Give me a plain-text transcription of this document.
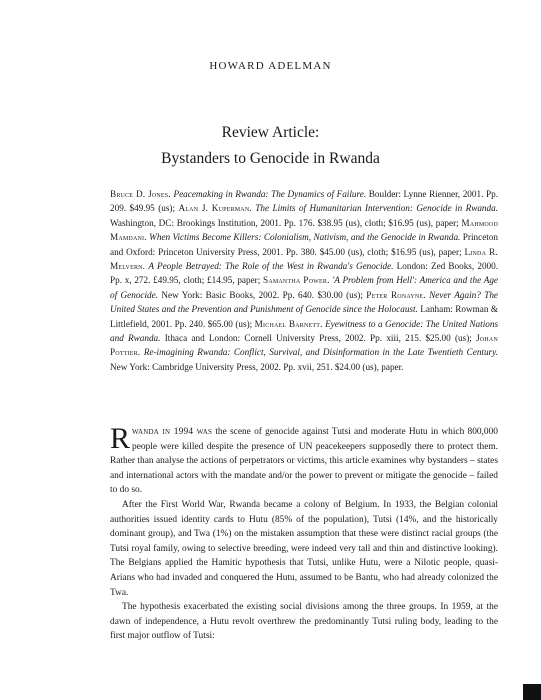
HOWARD ADELMAN
Review Article:
Bystanders to Genocide in Rwanda
Bruce D. Jones. Peacemaking in Rwanda: The Dynamics of Failure. Boulder: Lynne Rienner, 2001. Pp. 209. $49.95 (us); Alan J. Kuperman. The Limits of Humanitarian Intervention: Genocide in Rwanda. Washington, DC: Brookings Institution, 2001. Pp. 176. $38.95 (us), cloth; $16.95 (us), paper; Mahmood Mamdani. When Victims Become Killers: Colonialism, Nativism, and the Genocide in Rwanda. Princeton and Oxford: Princeton University Press, 2001. Pp. 380. $45.00 (us), cloth; $16.95 (us), paper; Linda R. Melvern. A People Betrayed: The Role of the West in Rwanda's Genocide. London: Zed Books, 2000. Pp. x, 272. £49.95, cloth; £14.95, paper; Samantha Power. 'A Problem from Hell': America and the Age of Genocide. New York: Basic Books, 2002. Pp. 640. $30.00 (us); Peter Ronayne. Never Again? The United States and the Prevention and Punishment of Genocide since the Holocaust. Lanham: Rowman & Littlefield, 2001. Pp. 240. $65.00 (us); Michael Barnett. Eyewitness to a Genocide: The United Nations and Rwanda. Ithaca and London: Cornell University Press, 2002. Pp. xiii, 215. $25.00 (us); Johan Pottier. Re-imagining Rwanda: Conflict, Survival, and Disinformation in the Late Twentieth Century. New York: Cambridge University Press, 2002. Pp. xvii, 251. $24.00 (us), paper.

Rwanda in 1994 was the scene of genocide against Tutsi and moderate Hutu in which 800,000 people were killed despite the presence of UN peacekeepers supposedly there to protect them. Rather than analyse the actions of perpetrators or victims, this article examines why bystanders – states and international actors with the mandate and/or the power to prevent or mitigate the genocide – failed to do so.

After the First World War, Rwanda became a colony of Belgium. In 1933, the Belgian colonial authorities issued identity cards to Hutu (85% of the population), Tutsi (14%, and the historically dominant group), and Twa (1%) on the mistaken assumption that these were distinct racial groups (the Tutsi royal family, owing to selective breeding, were indeed very tall and thin and distinctive looking). The Belgians applied the Hamitic hypothesis that Tutsi, unlike Hutu, were a Nilotic people, quasi-Arians who had invaded and conquered the Hutu, assumed to be Bantu, who had already colonized the Twa.

The hypothesis exacerbated the existing social divisions among the three groups. In 1959, at the dawn of independence, a Hutu revolt overthrew the predominantly Tutsi ruling body, leading to the first major outflow of Tutsi:
